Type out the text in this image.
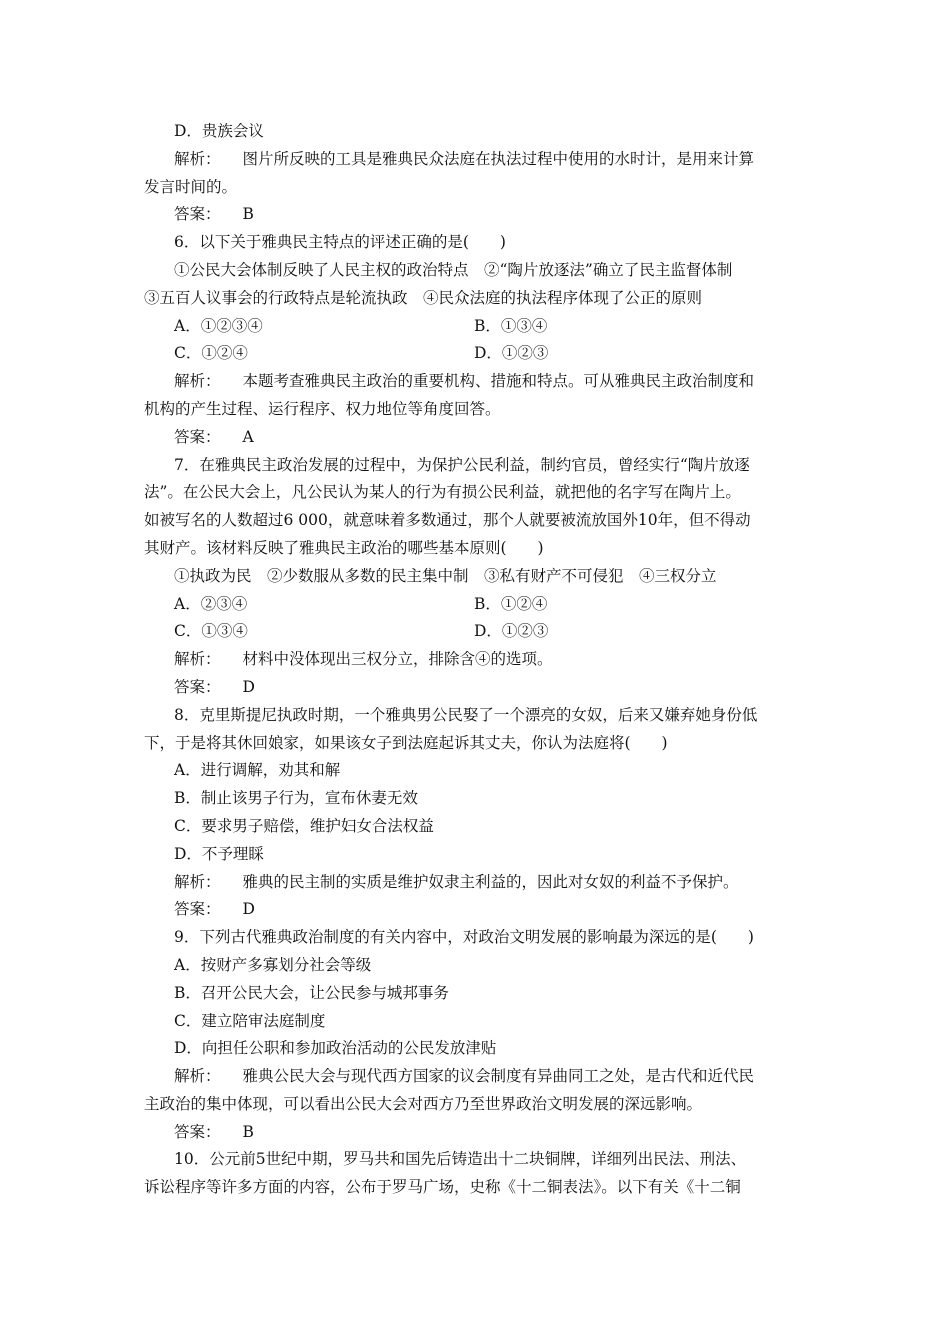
D．贵族会议
解析： 图片所反映的工具是雅典民众法庭在执法过程中使用的水时计，是用来计算
发言时间的。
答案： B
6．以下关于雅典民主特点的评述正确的是(　　)
①公民大会体制反映了人民主权的政治特点　②“陶片放逐法”确立了民主监督体制
③五百人议事会的行政特点是轮流执政　④民众法庭的执法程序体现了公正的原则
A．①②③④	B．①③④
C．①②④	D．①②③
解析： 本题考查雅典民主政治的重要机构、措施和特点。可从雅典民主政治制度和
机构的产生过程、运行程序、权力地位等角度回答。
答案： A
7．在雅典民主政治发展的过程中，为保护公民利益，制约官员，曾经实行“陶片放逐
法”。在公民大会上，凡公民认为某人的行为有损公民利益，就把他的名字写在陶片上。
如被写名的人数超过6 000，就意味着多数通过，那个人就要被流放国外10年，但不得动
其财产。该材料反映了雅典民主政治的哪些基本原则(　　)
①执政为民　②少数服从多数的民主集中制　③私有财产不可侵犯　④三权分立
A．②③④	B．①②④
C．①③④	D．①②③
解析： 材料中没体现出三权分立，排除含④的选项。
答案： D
8．克里斯提尼执政时期，一个雅典男公民娶了一个漂亮的女奴，后来又嫌弃她身份低
下，于是将其休回娘家，如果该女子到法庭起诉其丈夫，你认为法庭将(　　)
A．进行调解，劝其和解
B．制止该男子行为，宣布休妻无效
C．要求男子赔偿，维护妇女合法权益
D．不予理睬
解析： 雅典的民主制的实质是维护奴隶主利益的，因此对女奴的利益不予保护。
答案： D
9．下列古代雅典政治制度的有关内容中，对政治文明发展的影响最为深远的是(　　)
A．按财产多寡划分社会等级
B．召开公民大会，让公民参与城邦事务
C．建立陪审法庭制度
D．向担任公职和参加政治活动的公民发放津贴
解析： 雅典公民大会与现代西方国家的议会制度有异曲同工之处，是古代和近代民
主政治的集中体现，可以看出公民大会对西方乃至世界政治文明发展的深远影响。
答案： B
10．公元前5世纪中期，罗马共和国先后铸造出十二块铜牌，详细列出民法、刑法、
诉讼程序等许多方面的内容，公布于罗马广场，史称《十二铜表法》。以下有关《十二铜
